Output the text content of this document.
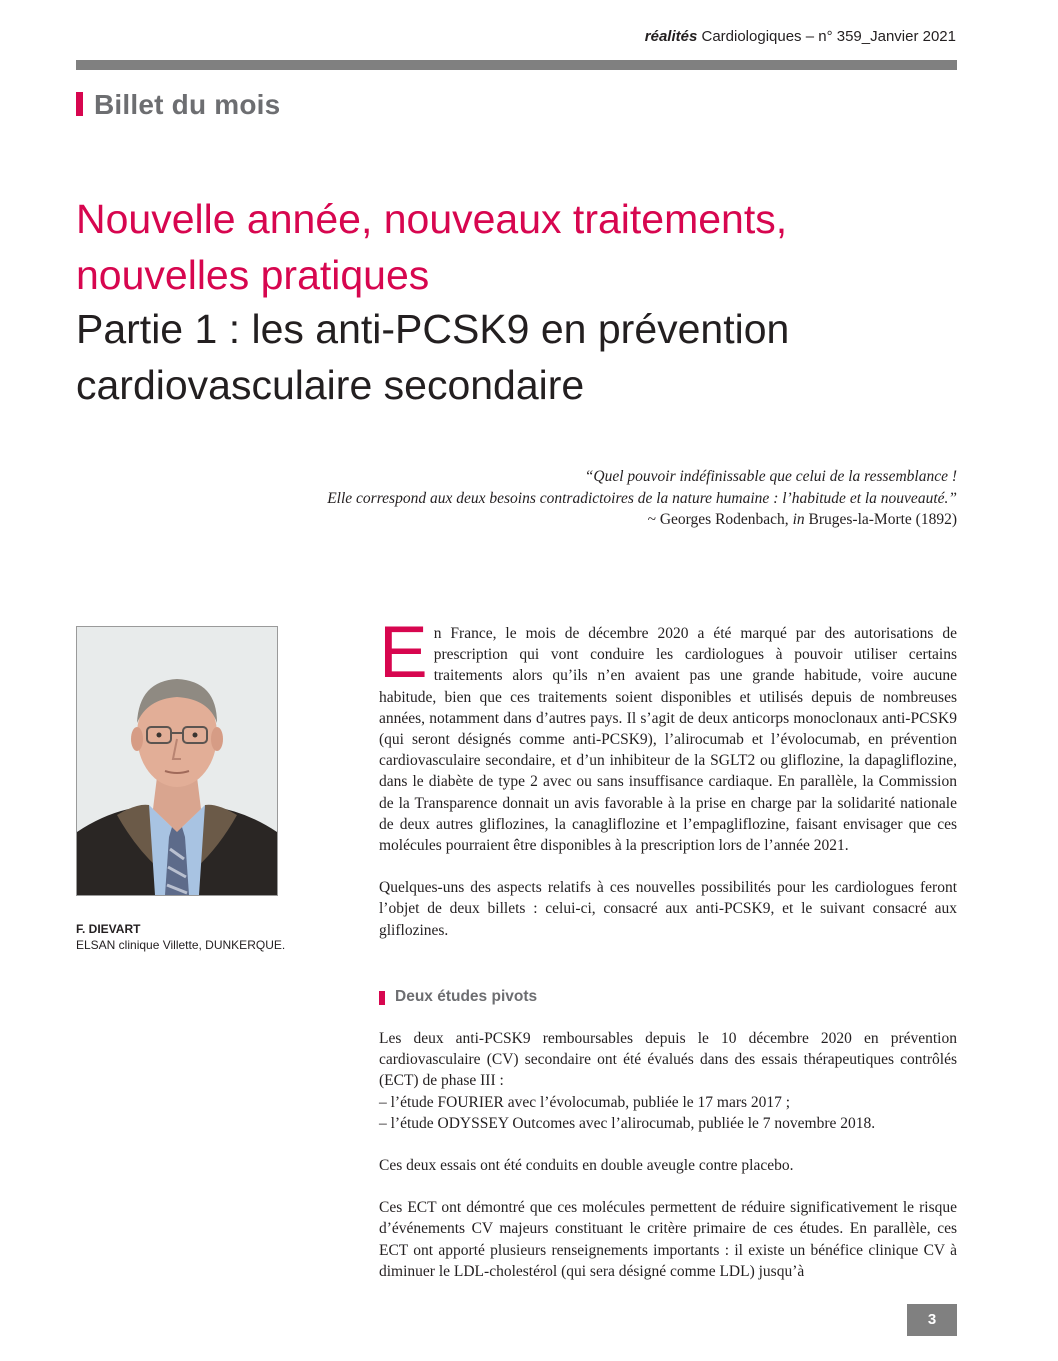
réalités Cardiologiques – n° 359_Janvier 2021
Billet du mois
Nouvelle année, nouveaux traitements,
nouvelles pratiques
Partie 1 : les anti-PCSK9 en prévention
cardiovasculaire secondaire
“Quel pouvoir indéfinissable que celui de la ressemblance !
Elle correspond aux deux besoins contradictoires de la nature humaine : l’habitude et la nouveauté.”
~ Georges Rodenbach, in Bruges-la-Morte (1892)
F. DIEVART
ELSAN clinique Villette, DUNKERQUE.

En France, le mois de décembre 2020 a été marqué par des autorisations de prescription qui vont conduire les cardiologues à pouvoir utiliser certains traitements alors qu’ils n’en avaient pas une grande habitude, voire aucune habitude, bien que ces traitements soient disponibles et utilisés depuis de nombreuses années, notamment dans d’autres pays. Il s’agit de deux anticorps monoclonaux anti-PCSK9 (qui seront désignés comme anti-PCSK9), l’alirocumab et l’évolocumab, en prévention cardiovasculaire secondaire, et d’un inhibiteur de la SGLT2 ou gliflozine, la dapagliflozine, dans le diabète de type 2 avec ou sans insuffisance cardiaque. En parallèle, la Commission de la Transparence donnait un avis favorable à la prise en charge par la solidarité nationale de deux autres gliflozines, la canagliflozine et l’empagliflozine, faisant envisager que ces molécules pourraient être disponibles à la prescription lors de l’année 2021.

Quelques-uns des aspects relatifs à ces nouvelles possibilités pour les cardiologues feront l’objet de deux billets : celui-ci, consacré aux anti-PCSK9, et le suivant consacré aux gliflozines.

Deux études pivots

Les deux anti-PCSK9 remboursables depuis le 10 décembre 2020 en prévention cardiovasculaire (CV) secondaire ont été évalués dans des essais thérapeutiques contrôlés (ECT) de phase III :
– l’étude FOURIER avec l’évolocumab, publiée le 17 mars 2017 ;
– l’étude ODYSSEY Outcomes avec l’alirocumab, publiée le 7 novembre 2018.

Ces deux essais ont été conduits en double aveugle contre placebo.

Ces ECT ont démontré que ces molécules permettent de réduire significativement le risque d’événements CV majeurs constituant le critère primaire de ces études. En parallèle, ces ECT ont apporté plusieurs renseignements importants : il existe un bénéfice clinique CV à diminuer le LDL-cholestérol (qui sera désigné comme LDL) jusqu’à

3
